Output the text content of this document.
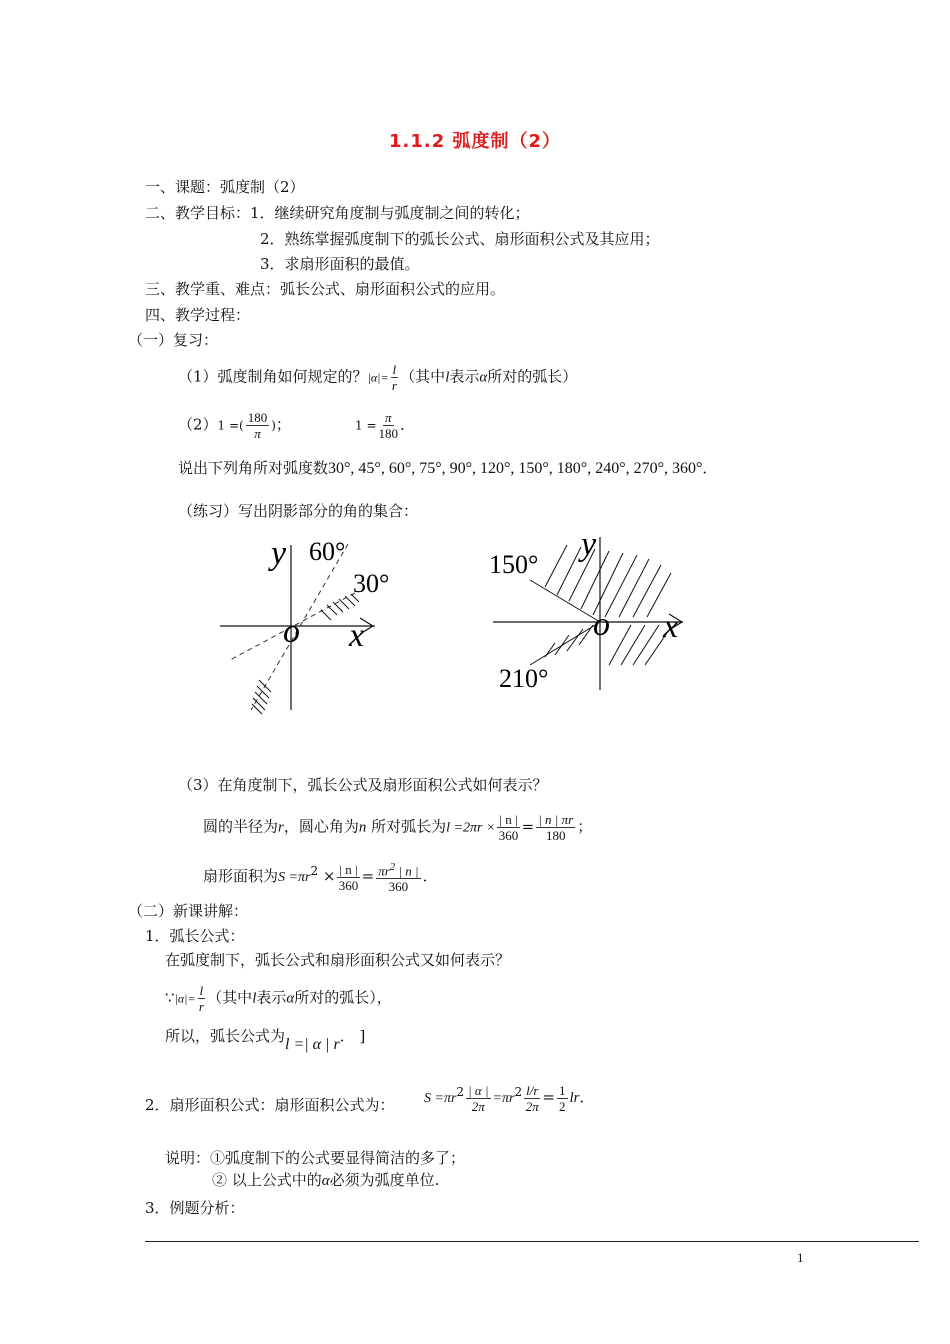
1.1.2 弧度制（2）
一、课题：弧度制（2）
二、教学目标：1．继续研究角度制与弧度制之间的转化；
2．熟练掌握弧度制下的弧长公式、扇形面积公式及其应用；
3．求扇形面积的最值。
三、教学重、难点：弧长公式、扇形面积公式的应用。
四、教学过程：
（一）复习：
（1）弧度制角如何规定的？$|\alpha|= \frac{l}{r}$ （其中l表示α所对的弧长）
（2）1 =( $\frac{180}{\pi}$ )；	$1 = \frac{\pi}{180}$ ．
说出下列角所对弧度数30°, 45°, 60°, 75°, 90°, 120°, 150°, 180°, 240°, 270°, 360°．
（练习）写出阴影部分的角的集合：
y 60°
30°
o x
150°
y
o x
210°
（3）在角度制下，弧长公式及扇形面积公式如何表示？
圆的半径为r，圆心角为n 所对弧长为$l =2\pi r \times \frac{| n |}{360} = \frac{| n | \pi r}{180}$ ；
扇形面积为$S =\pi r^2 \times \frac{| n |}{360} = \frac{\pi r^2 | n |}{360}$ ．
（二）新课讲解：
1．弧长公式：
在弧度制下，弧长公式和扇形面积公式又如何表示？
∵|α|= $\frac{l}{r}$ （其中l表示α所对的弧长），
所以，弧长公式为l =| α | r． ]
2．扇形面积公式：扇形面积公式为： $S =\pi r^2 \frac{| \alpha |}{2\pi} =\pi r^2 \frac{l/r}{2\pi} = \frac{1}{2}$ lr．
说明：①弧度制下的公式要显得简洁的多了；
② 以上公式中的α必须为弧度单位.
3．例题分析：
1
